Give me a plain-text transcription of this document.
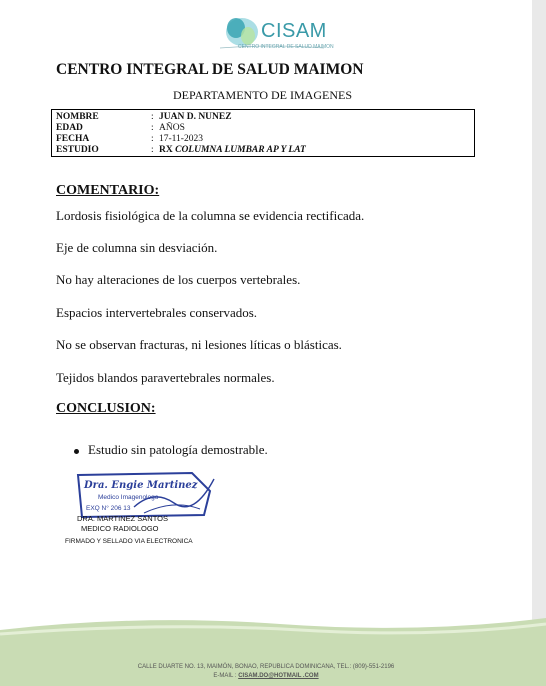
CISAM
CENTRO INTEGRAL DE SALUD MAIMON
CENTRO INTEGRAL DE SALUD MAIMON
DEPARTAMENTO DE IMAGENES
NOMBRE	: JUAN D. NUNEZ
EDAD	: AÑOS
FECHA	: 17-11-2023
ESTUDIO	: RX COLUMNA LUMBAR AP Y LAT
COMENTARIO:
Lordosis fisiológica de la columna se evidencia rectificada.
Eje de columna sin desviación.
No hay alteraciones de los cuerpos vertebrales.
Espacios intervertebrales conservados.
No se observan fracturas, ni lesiones líticas o blásticas.
Tejidos blandos paravertebrales normales.
CONCLUSION:
Estudio sin patología demostrable.
Dra. Engie Martinez
Medico Imagenologo
EXQ N° 206 13
DRA. MARTINEZ SANTOS
MEDICO RADIOLOGO
FIRMADO Y SELLADO VIA ELECTRONICA
CALLE DUARTE NO. 13, MAIMÓN, BONAO, REPUBLICA DOMINICANA, TEL.: (809)-551-2196
E-MAIL : CISAM.DO@HOTMAIL .COM
